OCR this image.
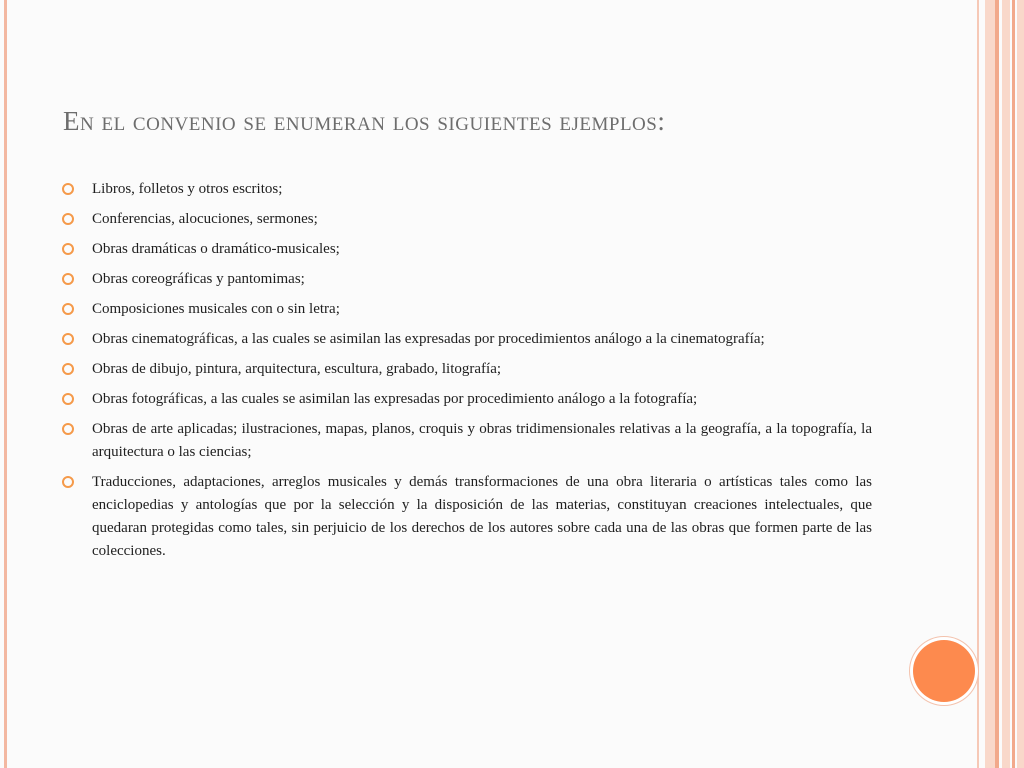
En el convenio se enumeran los siguientes ejemplos:
Libros, folletos y otros escritos;
Conferencias, alocuciones, sermones;
Obras dramáticas o dramático-musicales;
Obras coreográficas y pantomimas;
Composiciones musicales con o sin letra;
Obras cinematográficas, a las cuales se asimilan las expresadas por procedimientos análogo a la cinematografía;
Obras de dibujo, pintura, arquitectura, escultura, grabado, litografía;
Obras fotográficas, a las cuales se asimilan las expresadas por procedimiento análogo a la fotografía;
Obras de arte aplicadas; ilustraciones, mapas, planos, croquis y obras tridimensionales relativas a la geografía, a la topografía, la arquitectura o las ciencias;
Traducciones, adaptaciones, arreglos musicales y demás transformaciones de una obra literaria o artísticas tales como las enciclopedias y antologías que por la selección y la disposición de las materias, constituyan creaciones intelectuales, que quedaran protegidas como tales, sin perjuicio de los derechos de los autores sobre cada una de las obras que formen parte de las colecciones.
